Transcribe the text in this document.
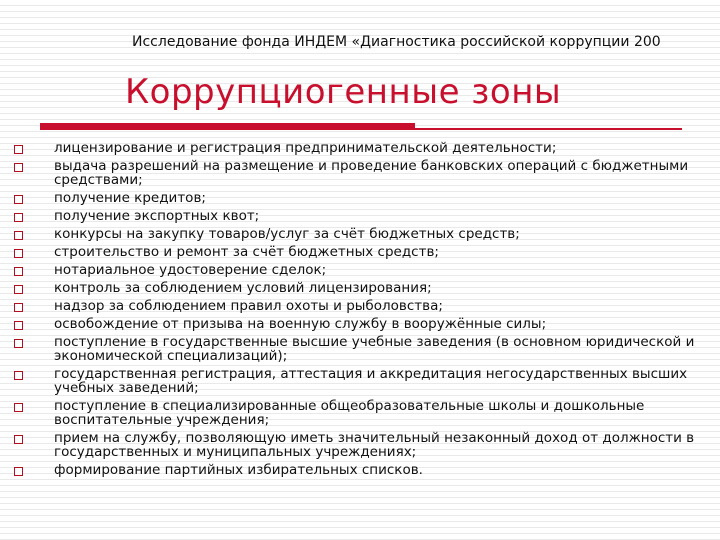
Исследование фонда ИНДЕМ «Диагностика российской коррупции 200
Коррупциогенные зоны
лицензирование и регистрация предпринимательской деятельности;
выдача разрешений на размещение и проведение банковских операций с бюджетными средствами;
получение кредитов;
получение экспортных квот;
конкурсы на закупку товаров/услуг за счёт бюджетных средств;
строительство и ремонт за счёт бюджетных средств;
нотариальное удостоверение сделок;
контроль за соблюдением условий лицензирования;
надзор за соблюдением правил охоты и рыболовства;
освобождение от призыва на военную службу в вооружённые силы;
поступление в государственные высшие учебные заведения (в основном юридической и экономической специализаций);
государственная регистрация, аттестация и аккредитация негосударственных высших учебных заведений;
поступление в специализированные общеобразовательные школы и дошкольные воспитательные учреждения;
прием на службу, позволяющую иметь значительный незаконный доход от должности в государственных и муниципальных учреждениях;
формирование партийных избирательных списков.
